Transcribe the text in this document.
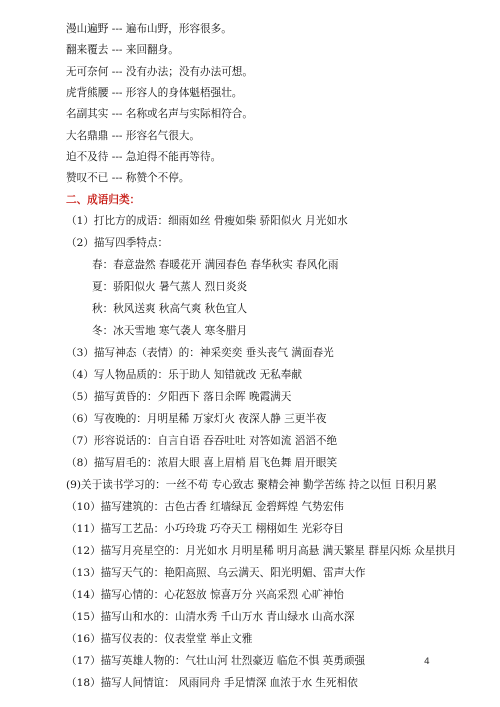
漫山遍野 --- 遍布山野，形容很多。
翻来覆去 --- 来回翻身。
无可奈何 --- 没有办法；没有办法可想。
虎背熊腰 --- 形容人的身体魁梧强壮。
名副其实 --- 名称或名声与实际相符合。
大名鼎鼎 --- 形容名气很大。
迫不及待 --- 急迫得不能再等待。
赞叹不已 --- 称赞个不停。
二、成语归类：
（1）打比方的成语：细雨如丝 骨瘦如柴 骄阳似火 月光如水
（2）描写四季特点：
春：春意盎然 春暖花开 满园春色 春华秋实 春风化雨
夏：骄阳似火 暑气蒸人 烈日炎炎
秋：秋风送爽 秋高气爽 秋色宜人
冬：冰天雪地 寒气袭人 寒冬腊月
（3）描写神态（表情）的：神采奕奕 垂头丧气 满面春光
（4）写人物品质的：乐于助人 知错就改 无私奉献
（5）描写黄昏的：夕阳西下 落日余晖 晚霞满天
（6）写夜晚的：月明星稀 万家灯火 夜深人静 三更半夜
（7）形容说话的：自言自语 吞吞吐吐 对答如流 滔滔不绝
（8）描写眉毛的：浓眉大眼 喜上眉梢 眉飞色舞 眉开眼笑
(9)关于读书学习的：一丝不苟 专心致志 聚精会神 勤学苦练 持之以恒 日积月累
（10）描写建筑的：古色古香 红墙绿瓦 金碧辉煌 气势宏伟
（11）描写工艺品：小巧玲珑 巧夺天工 栩栩如生 光彩夺目
（12）描写月亮星空的：月光如水 月明星稀 明月高悬 满天繁星 群星闪烁 众星拱月
（13）描写天气的：艳阳高照、乌云满天、阳光明媚、雷声大作
（14）描写心情的：心花怒放 惊喜万分 兴高采烈 心旷神怡
（15）描写山和水的：山清水秀 千山万水 青山绿水 山高水深
（16）描写仪表的：仪表堂堂 举止文雅
（17）描写英雄人物的：气壮山河 壮烈豪迈 临危不惧 英勇顽强
（18）描写人间情谊： 风雨同舟 手足情深 血浓于水 生死相依
4
